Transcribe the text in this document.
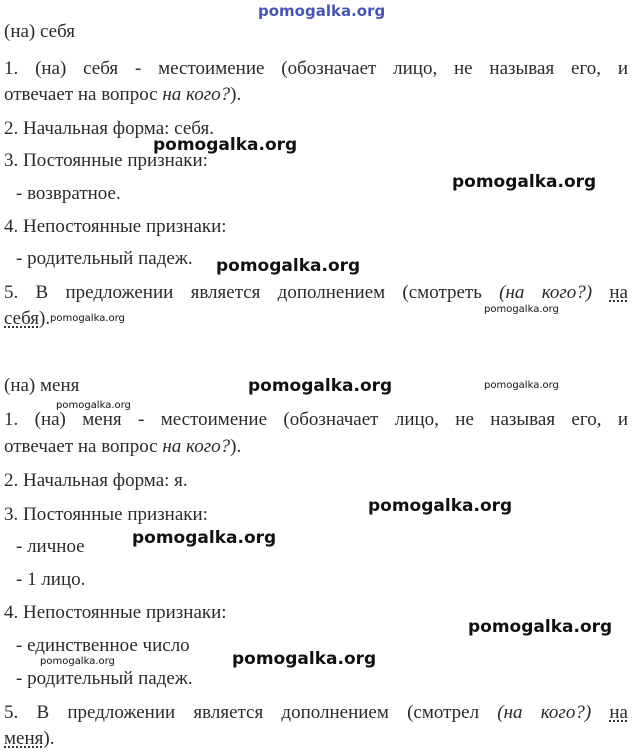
(на) себя
1. (на) себя - местоимение (обозначает лицо, не называя его, и
отвечает на вопрос на кого?).
2. Начальная форма: себя.
3. Постоянные признаки:
- возвратное.
4. Непостоянные признаки:
- родительный падеж.
5. В предложении является дополнением (смотреть (на кого?) на
себя).
(на) меня
1. (на) меня - местоимение (обозначает лицо, не называя его, и
отвечает на вопрос на кого?).
2. Начальная форма: я.
3. Постоянные признаки:
- личное
- 1 лицо.
4. Непостоянные признаки:
- единственное число
- родительный падеж.
5. В предложении является дополнением (смотрел (на кого?) на
меня).
pomogalka.org
pomogalka.org
pomogalka.org
pomogalka.org
pomogalka.org
pomogalka.org
pomogalka.org	pomogalka.org
pomogalka.org
pomogalka.org
pomogalka.org
pomogalka.org
pomogalka.org
pomogalka.org
